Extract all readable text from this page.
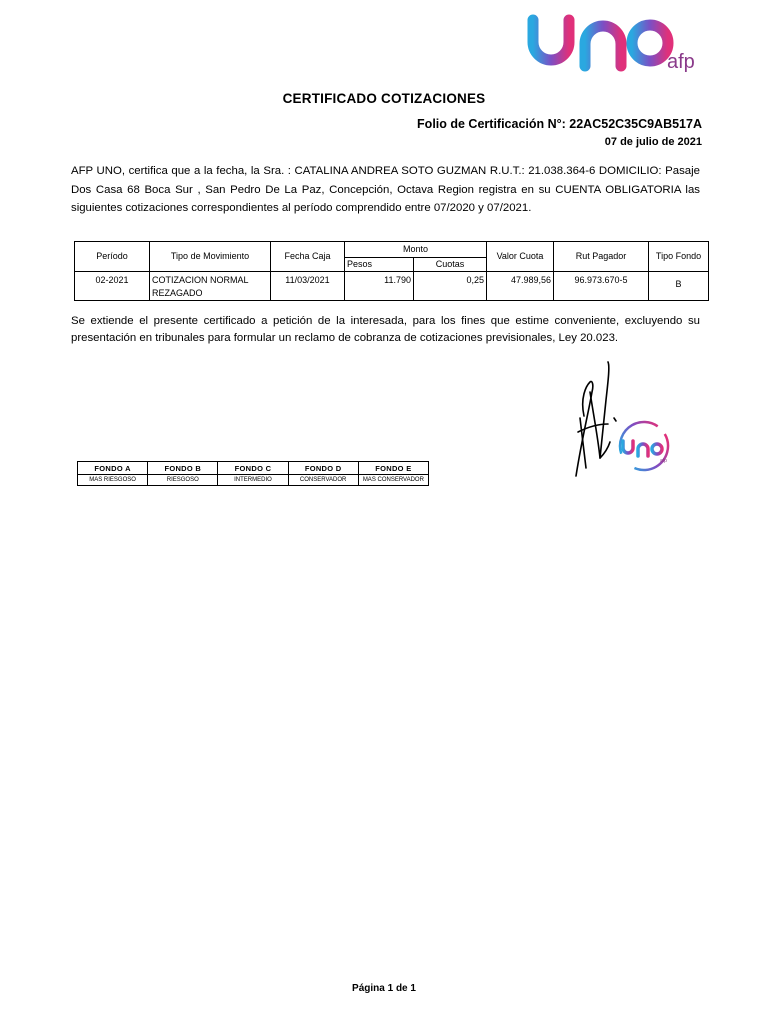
afp
CERTIFICADO COTIZACIONES
Folio de Certificación N°: 22AC52C35C9AB517A
07 de julio de 2021
AFP UNO, certifica que a la fecha, la Sra. : CATALINA ANDREA SOTO GUZMAN R.U.T.: 21.038.364-6 DOMICILIO: Pasaje Dos Casa 68 Boca Sur , San Pedro De La Paz, Concepción, Octava Region registra en su CUENTA OBLIGATORIA las siguientes cotizaciones correspondientes al período comprendido entre 07/2020 y 07/2021.
Período	Tipo de Movimiento	Fecha Caja	Monto		Valor Cuota	Rut Pagador	Tipo Fondo
			Pesos	Cuotas			
02-2021	COTIZACION NORMAL REZAGADO	11/03/2021	11.790	0,25	47.989,56	96.973.670-5	B
Se extiende el presente certificado a petición de la interesada, para los fines que estime conveniente, excluyendo su presentación en tribunales para formular un reclamo de cobranza de cotizaciones previsionales, Ley 20.023.
afp
FONDO A	FONDO B	FONDO C	FONDO D	FONDO E
MAS RIESGOSO	RIESGOSO	INTERMEDIO	CONSERVADOR	MAS CONSERVADOR
Página 1 de 1
